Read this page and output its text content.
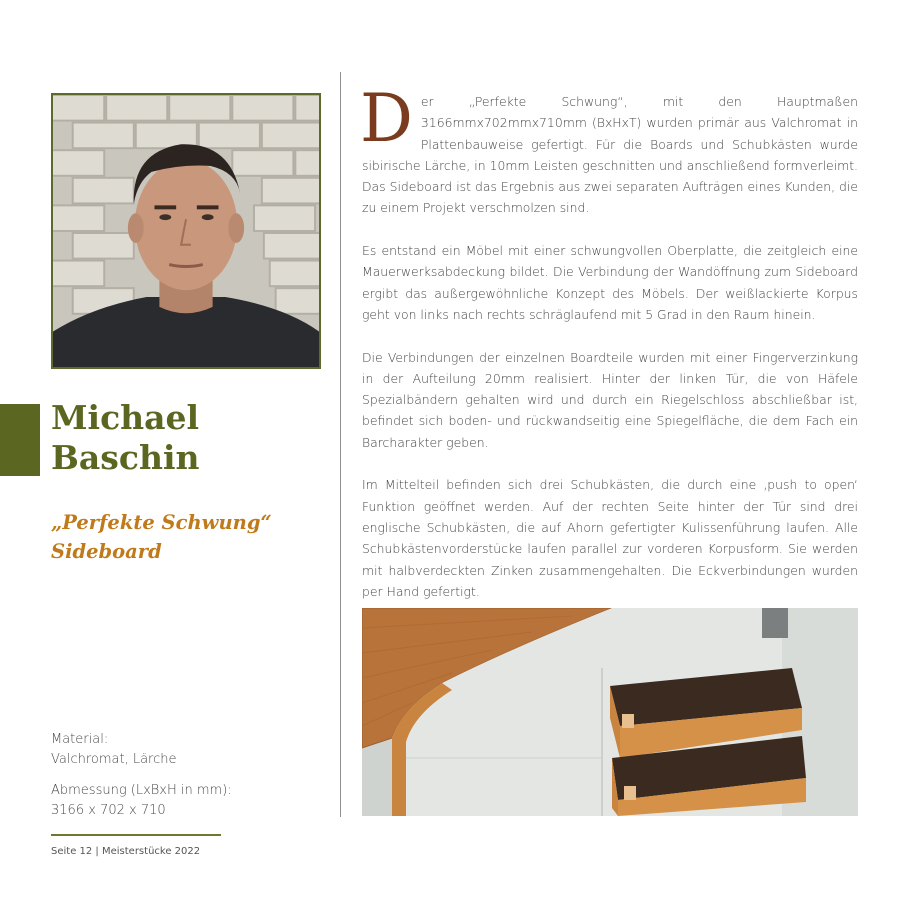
Michael
Baschin
„Perfekte Schwung“
Sideboard
Material:
Valchromat, Lärche
Abmessung (LxBxH in mm):
3166 x 702 x 710
Seite 12 | Meisterstücke 2022

Der „Perfekte Schwung“, mit den Hauptmaßen 3166mmx702mmx710mm (BxHxT) wurden primär aus Valchromat in Plattenbauweise gefertigt. Für die Boards und Schubkästen wurde sibirische Lärche, in 10mm Leisten geschnitten und anschließend formverleimt. Das Sideboard ist das Ergebnis aus zwei separaten Aufträgen eines Kunden, die zu einem Projekt verschmolzen sind.

Es entstand ein Möbel mit einer schwungvollen Oberplatte, die zeitgleich eine Mauerwerksabdeckung bildet. Die Verbindung der Wandöffnung zum Sideboard ergibt das außergewöhnliche Konzept des Möbels. Der weißlackierte Korpus geht von links nach rechts schräglaufend mit 5 Grad in den Raum hinein.

Die Verbindungen der einzelnen Boardteile wurden mit einer Fingerverzinkung in der Aufteilung 20mm realisiert. Hinter der linken Tür, die von Häfele Spezialbändern gehalten wird und durch ein Riegelschloss abschließbar ist, befindet sich boden- und rückwandseitig eine Spiegelfläche, die dem Fach ein Barcharakter geben.

Im Mittelteil befinden sich drei Schubkästen, die durch eine ‚push to open‘ Funktion geöffnet werden. Auf der rechten Seite hinter der Tür sind drei englische Schubkästen, die auf Ahorn gefertigter Kulissenführung laufen. Alle Schubkästenvorderstücke laufen parallel zur vorderen Korpusform. Sie werden mit halbverdeckten Zinken zusammengehalten. Die Eckverbindungen wurden per Hand gefertigt.
